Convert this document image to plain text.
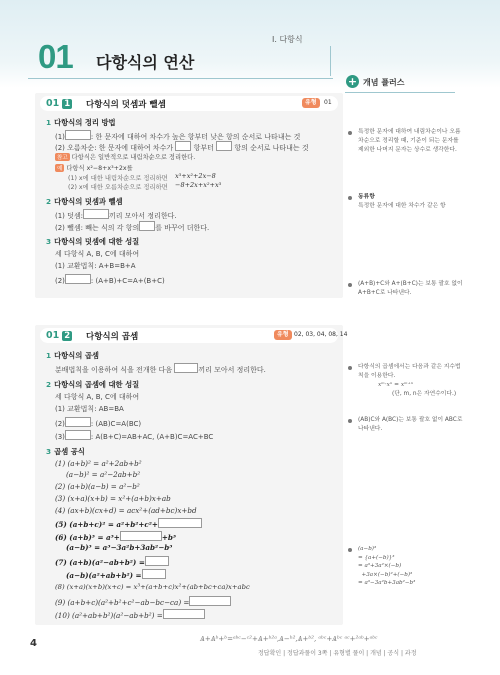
01 다항식의 연산
Ⅰ. 다항식
+ 개념 플러스
01 1 다항식의 덧셈과 뺄셈	유형	01
1 다항식의 정리 방법
(1)	: 한 문자에 대하여 차수가 높은 항부터 낮은 항의 순서로 나타내는 것
(2) 오름차순: 한 문자에 대하여 차수가	항부터	항의 순서로 나타내는 것
참고 다항식은 일반적으로 내림차순으로 정리한다.
예 다항식 x²−8+x³+2x를
(1) x에 대한 내림차순으로 정리하면 x³+x²+2x−8
(2) x에 대한 오름차순으로 정리하면 −8+2x+x²+x³
2 다항식의 덧셈과 뺄셈
(1) 덧셈:	끼리 모아서 정리한다.
(2) 뺄셈: 빼는 식의 각 항의 를 바꾸어 더한다.
3 다항식의 덧셈에 대한 성질
세 다항식 A, B, C에 대하여
(1) 교환법칙: A+B=B+A
(2)	: (A+B)+C=A+(B+C)
01 2 다항식의 곱셈	유형 02, 03, 04, 08, 14
1 다항식의 곱셈
분배법칙을 이용하여 식을 전개한 다음	끼리 모아서 정리한다.
2 다항식의 곱셈에 대한 성질
세 다항식 A, B, C에 대하여
(1) 교환법칙: AB=BA
(2)	: (AB)C=A(BC)
(3)	: A(B+C)=AB+AC, (A+B)C=AC+BC
3 곱셈 공식
(1) (a+b)² = a²+2ab+b²
(a−b)² = a²−2ab+b²
(2) (a+b)(a−b) = a²−b²
(3) (x+a)(x+b) = x²+(a+b)x+ab
(4) (ax+b)(cx+d) = acx²+(ad+bc)x+bd
(5) (a+b+c)² = a²+b²+c²+
(6) (a+b)³ = a³+	+b³
(a−b)³ = a³−3a²b+3ab²−b³
(7) (a+b)(a²−ab+b²) =
(a−b)(a²+ab+b²) =
(8) (x+a)(x+b)(x+c) = x³+(a+b+c)x²+(ab+bc+ca)x+abc
(9) (a+b+c)(a²+b²+c²−ab−bc−ca) =
(10) (a²+ab+b²)(a²−ab+b²) =
특정한 문자에 대하여 내림차순이나 오름차순으로 정리할 때, 기준이 되는 문자를 제외한 나머지 문자는 상수로 생각한다.
동류항
특정한 문자에 대한 차수가 같은 항
(A+B)+C와 A+(B+C)는 보통 괄호 없이 A+B+C로 나타낸다.
다항식의 곱셈에서는 다음과 같은 지수법칙을 이용한다.
xᵐ·xⁿ = xᵐ⁺ⁿ
(단, m, n은 자연수이다.)
(AB)C와 A(BC)는 보통 괄호 없이 ABC로 나타낸다.
(a−b)³
= {a+(−b)}³
= a³+3a²×(−b)
+3a×(−b)²+(−b)³
= a³−3a²b+3ab²−b³
4	Ѧ+Ѧᵇ+ᵇ=ᵃᵇᶜ−ᶜ²+Ѧ+ᵇ²ᵃ,Ѧ−ᵇ²,Ѧ+ᵇ², ᵃᵇᶜ+Ѧᵇᶜ ᵃᶜ+²ᵃᵇ+ᵃᵇᶜ
정답확인 | 정답과풀이 3쪽 | 유형별 풀이 | 개념 | 공식 | 과정
